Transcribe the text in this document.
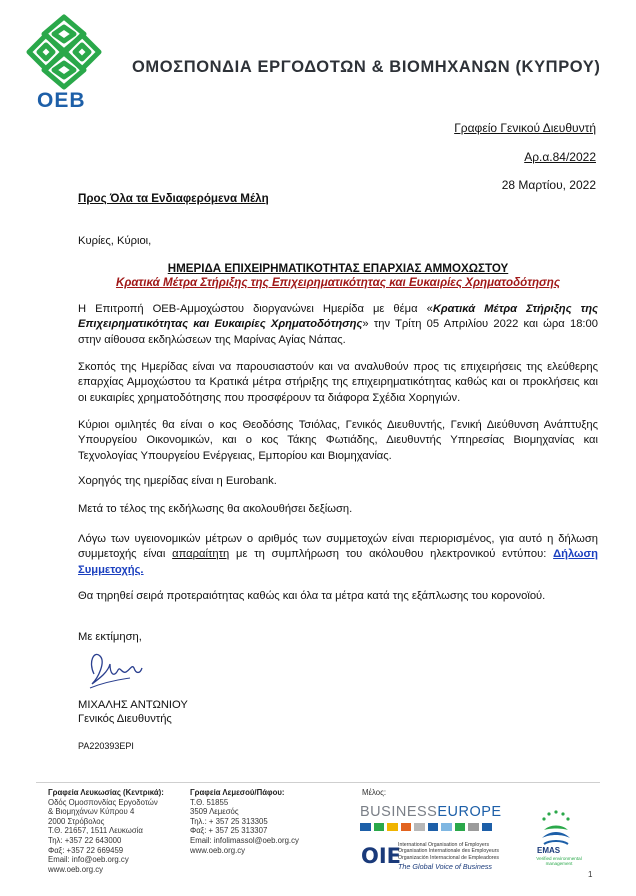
ΟΕΒ
ΟΜΟΣΠΟΝΔΙΑ ΕΡΓΟΔΟΤΩΝ & ΒΙΟΜΗΧΑΝΩΝ (ΚΥΠΡΟΥ)
Γραφείο Γενικού Διευθυντή
Αρ.α.84/2022
28 Μαρτίου, 2022
Προς Όλα τα Ενδιαφερόμενα Μέλη
Κυρίες, Κύριοι,
ΗΜΕΡΙΔΑ ΕΠΙΧΕΙΡΗΜΑΤΙΚΟΤΗΤΑΣ ΕΠΑΡΧΙΑΣ ΑΜΜΟΧΩΣΤΟΥ
Κρατικά Μέτρα Στήριξης της Επιχειρηματικότητας και Ευκαιρίες Χρηματοδότησης
Η Επιτροπή ΟΕΒ-Αμμοχώστου διοργανώνει Ημερίδα με θέμα «Κρατικά Μέτρα Στήριξης της Επιχειρηματικότητας και Ευκαιρίες Χρηματοδότησης» την Τρίτη 05 Απριλίου 2022 και ώρα 18:00 στην αίθουσα εκδηλώσεων της Μαρίνας Αγίας Νάπας.
Σκοπός της Ημερίδας είναι να παρουσιαστούν και να αναλυθούν προς τις επιχειρήσεις της ελεύθερης επαρχίας Αμμοχώστου τα Κρατικά μέτρα στήριξης της επιχειρηματικότητας καθώς και οι προκλήσεις και οι ευκαιρίες χρηματοδότησης που προσφέρουν τα διάφορα Σχέδια Χορηγιών.
Κύριοι ομιλητές θα είναι ο κος Θεοδόσης Τσιόλας, Γενικός Διευθυντής, Γενική Διεύθυνση Ανάπτυξης Υπουργείου Οικονομικών, και ο κος Τάκης Φωτιάδης, Διευθυντής Υπηρεσίας Βιομηχανίας και Τεχνολογίας Υπουργείου Ενέργειας, Εμπορίου και Βιομηχανίας.
Χορηγός της ημερίδας είναι η Eurobank.
Μετά το τέλος της εκδήλωσης θα ακολουθήσει δεξίωση.
Λόγω των υγειονομικών μέτρων ο αριθμός των συμμετοχών είναι περιορισμένος, για αυτό η δήλωση συμμετοχής είναι απαραίτητη με τη συμπλήρωση του ακόλουθου ηλεκτρονικού εντύπου: Δήλωση Συμμετοχής.
Θα τηρηθεί σειρά προτεραιότητας καθώς και όλα τα μέτρα κατά της εξάπλωσης του κορονοϊού.
Με εκτίμηση,
ΜΙΧΑΛΗΣ ΑΝΤΩΝΙΟΥ
Γενικός Διευθυντής
PA220393EPI
Γραφεία Λευκωσίας (Κεντρικά):
Οδός Ομοσπονδίας Εργοδοτών
& Βιομηχάνων Κύπρου 4
2000 Στρόβολος
Τ.Θ. 21657, 1511 Λευκωσία
Τηλ: +357 22 643000
Φαξ: +357 22 669459
Email: info@oeb.org.cy
www.oeb.org.cy
Γραφεία Λεμεσού/Πάφου:
Τ.Θ. 51855
3509 Λεμεσός
Τηλ.: + 357 25 313305
Φαξ: + 357 25 313307
Email: infolimassol@oeb.org.cy
www.oeb.org.cy
Μέλος:
BUSINESSEUROPE
OIE
International Organisation of Employers
Organisation Internationale des Employeurs
Organización Internacional de Empleadores
The Global Voice of Business
EMAS
Verified environmental management
1
